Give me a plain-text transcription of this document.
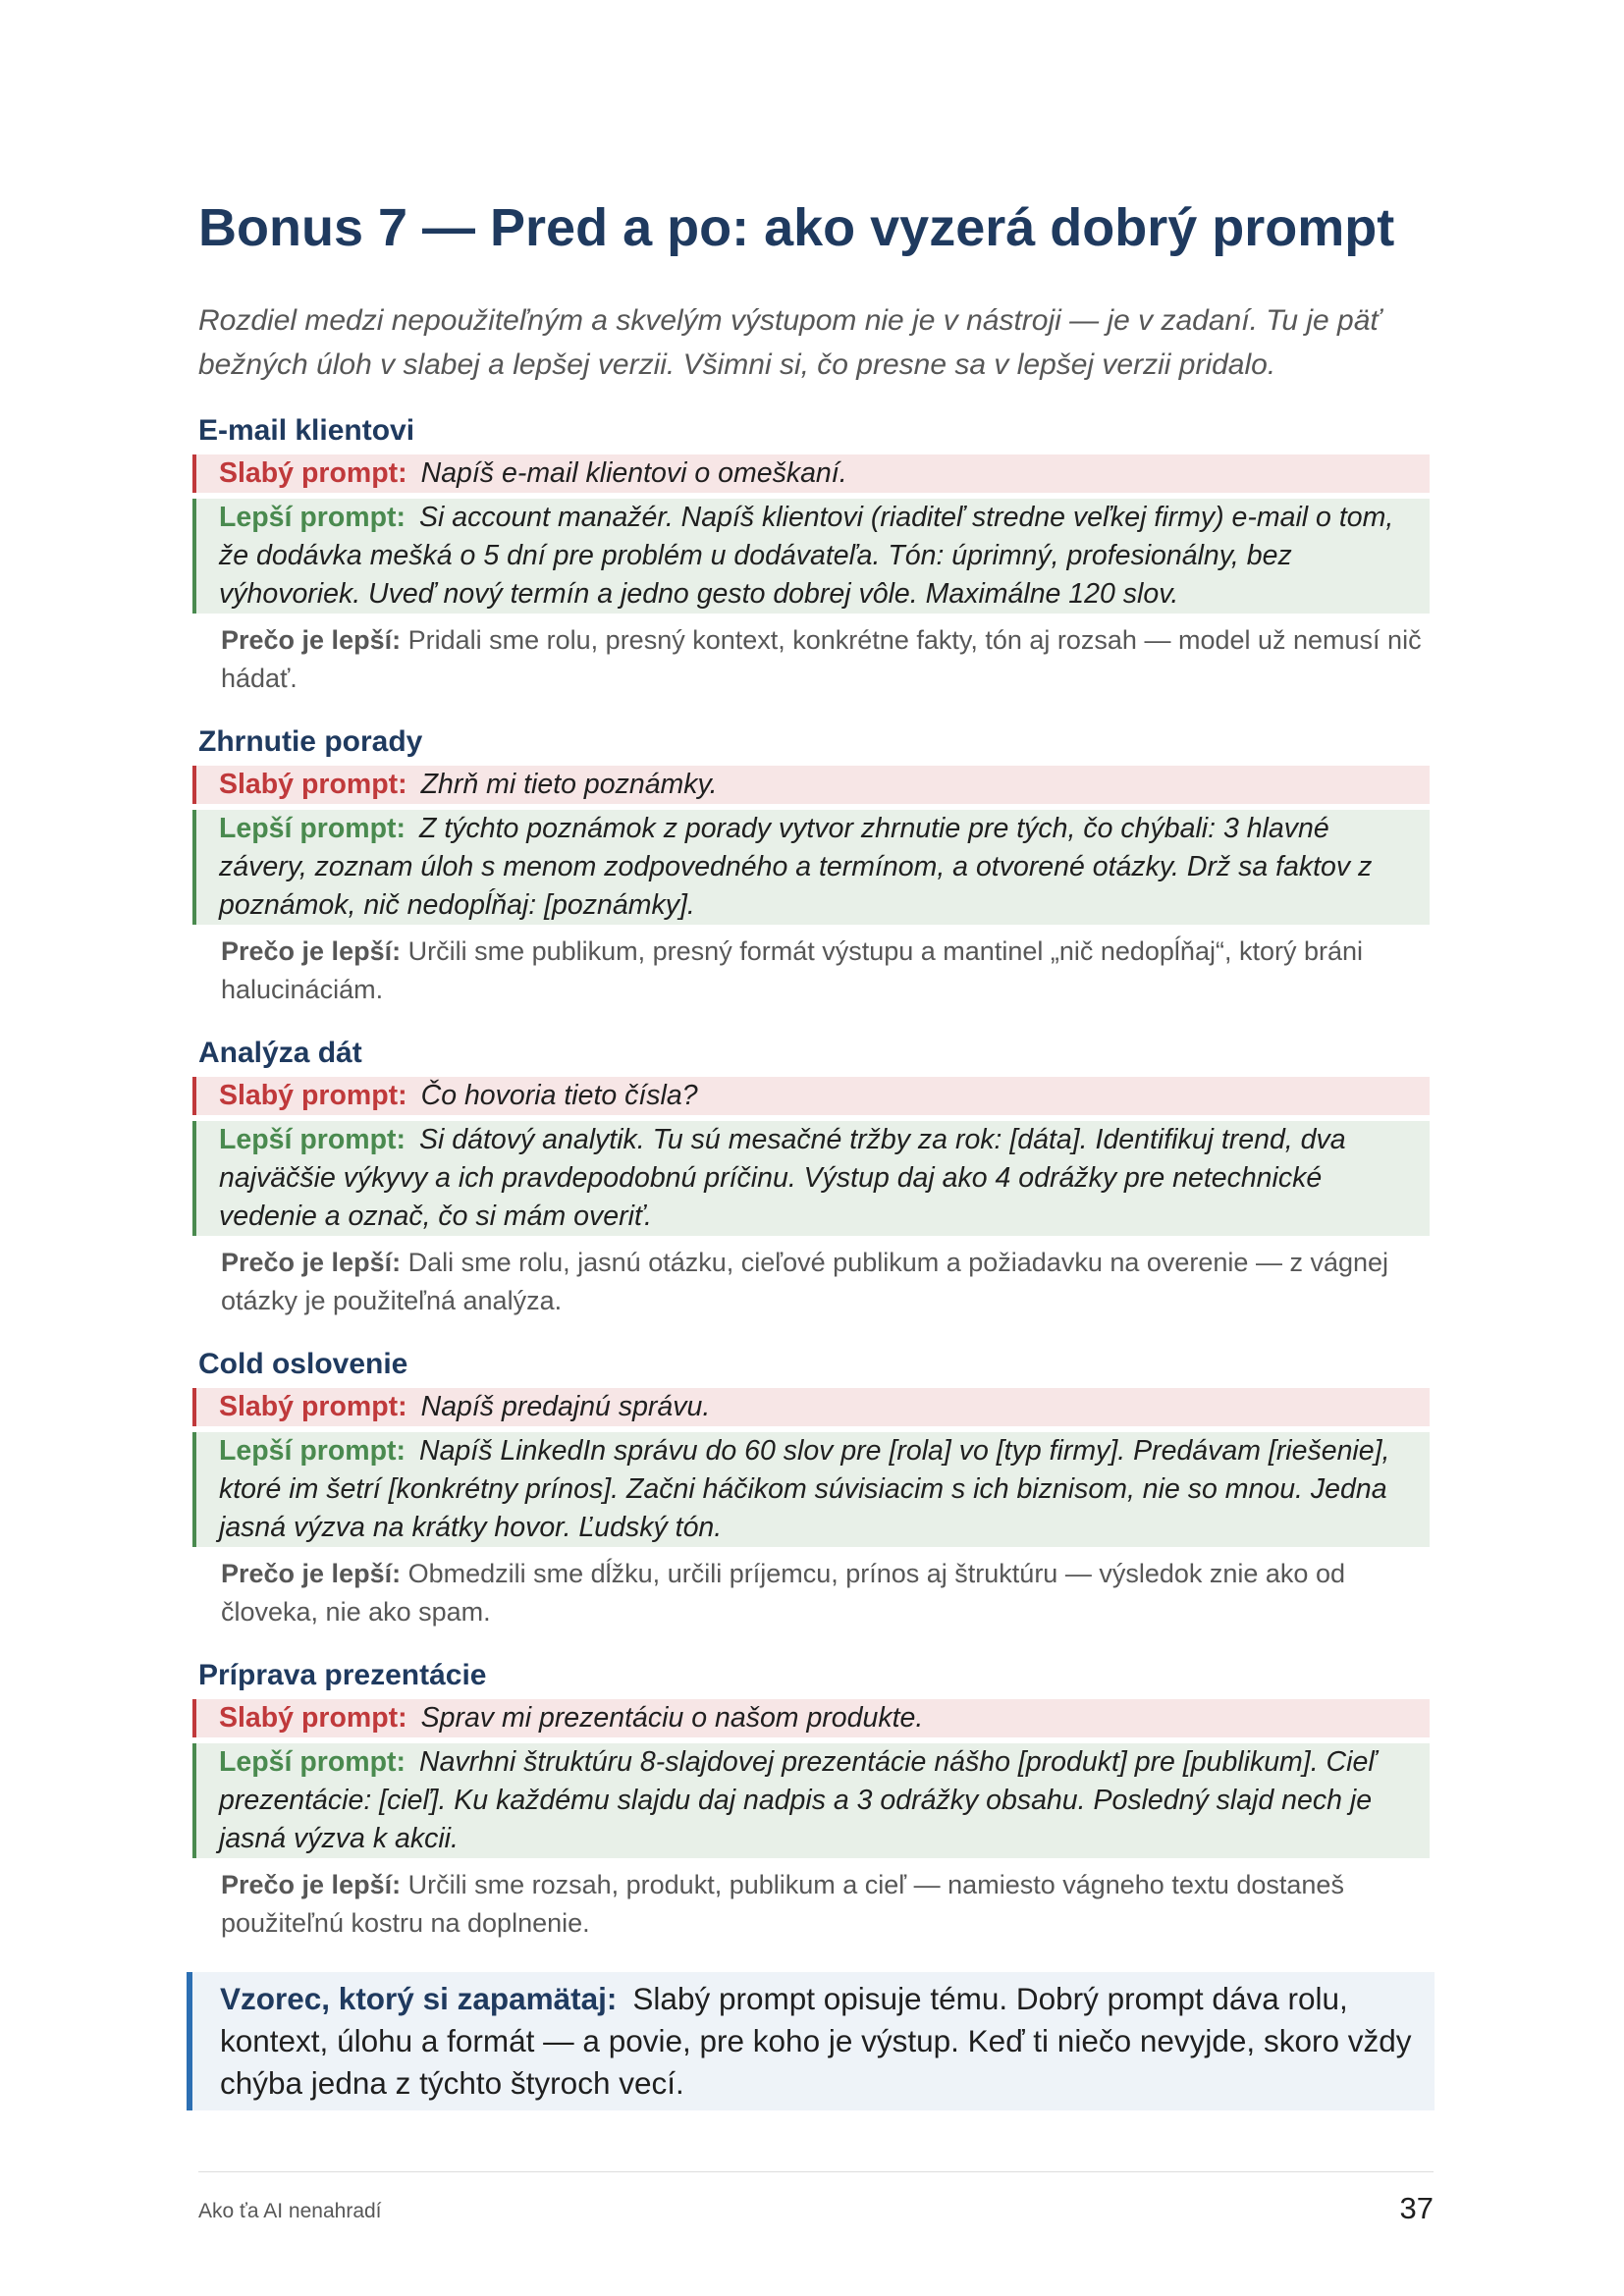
Bonus 7 — Pred a po: ako vyzerá dobrý prompt

Rozdiel medzi nepoužiteľným a skvelým výstupom nie je v nástroji — je v zadaní. Tu je päť bežných úloh v slabej a lepšej verzii. Všimni si, čo presne sa v lepšej verzii pridalo.

E-mail klientovi
Slabý prompt: Napíš e-mail klientovi o omeškaní.
Lepší prompt: Si account manažér. Napíš klientovi (riaditeľ stredne veľkej firmy) e-mail o tom, že dodávka mešká o 5 dní pre problém u dodávateľa. Tón: úprimný, profesionálny, bez výhovoriek. Uveď nový termín a jedno gesto dobrej vôle. Maximálne 120 slov.
Prečo je lepší: Pridali sme rolu, presný kontext, konkrétne fakty, tón aj rozsah — model už nemusí nič hádať.
Zhrnutie porady
Slabý prompt: Zhrň mi tieto poznámky.
Lepší prompt: Z týchto poznámok z porady vytvor zhrnutie pre tých, čo chýbali: 3 hlavné závery, zoznam úloh s menom zodpovedného a termínom, a otvorené otázky. Drž sa faktov z poznámok, nič nedopĺňaj: [poznámky].
Prečo je lepší: Určili sme publikum, presný formát výstupu a mantinel „nič nedopĺňaj“, ktorý bráni halucináciám.
Analýza dát
Slabý prompt: Čo hovoria tieto čísla?
Lepší prompt: Si dátový analytik. Tu sú mesačné tržby za rok: [dáta]. Identifikuj trend, dva najväčšie výkyvy a ich pravdepodobnú príčinu. Výstup daj ako 4 odrážky pre netechnické vedenie a označ, čo si mám overiť.
Prečo je lepší: Dali sme rolu, jasnú otázku, cieľové publikum a požiadavku na overenie — z vágnej otázky je použiteľná analýza.
Cold oslovenie
Slabý prompt: Napíš predajnú správu.
Lepší prompt: Napíš LinkedIn správu do 60 slov pre [rola] vo [typ firmy]. Predávam [riešenie], ktoré im šetrí [konkrétny prínos]. Začni háčikom súvisiacim s ich biznisom, nie so mnou. Jedna jasná výzva na krátky hovor. Ľudský tón.
Prečo je lepší: Obmedzili sme dĺžku, určili príjemcu, prínos aj štruktúru — výsledok znie ako od človeka, nie ako spam.
Príprava prezentácie
Slabý prompt: Sprav mi prezentáciu o našom produkte.
Lepší prompt: Navrhni štruktúru 8-slajdovej prezentácie nášho [produkt] pre [publikum]. Cieľ prezentácie: [cieľ]. Ku každému slajdu daj nadpis a 3 odrážky obsahu. Posledný slajd nech je jasná výzva k akcii.
Prečo je lepší: Určili sme rozsah, produkt, publikum a cieľ — namiesto vágneho textu dostaneš použiteľnú kostru na doplnenie.
Vzorec, ktorý si zapamätaj: Slabý prompt opisuje tému. Dobrý prompt dáva rolu, kontext, úlohu a formát — a povie, pre koho je výstup. Keď ti niečo nevyjde, skoro vždy chýba jedna z týchto štyroch vecí.
Ako ťa AI nenahradí	37
